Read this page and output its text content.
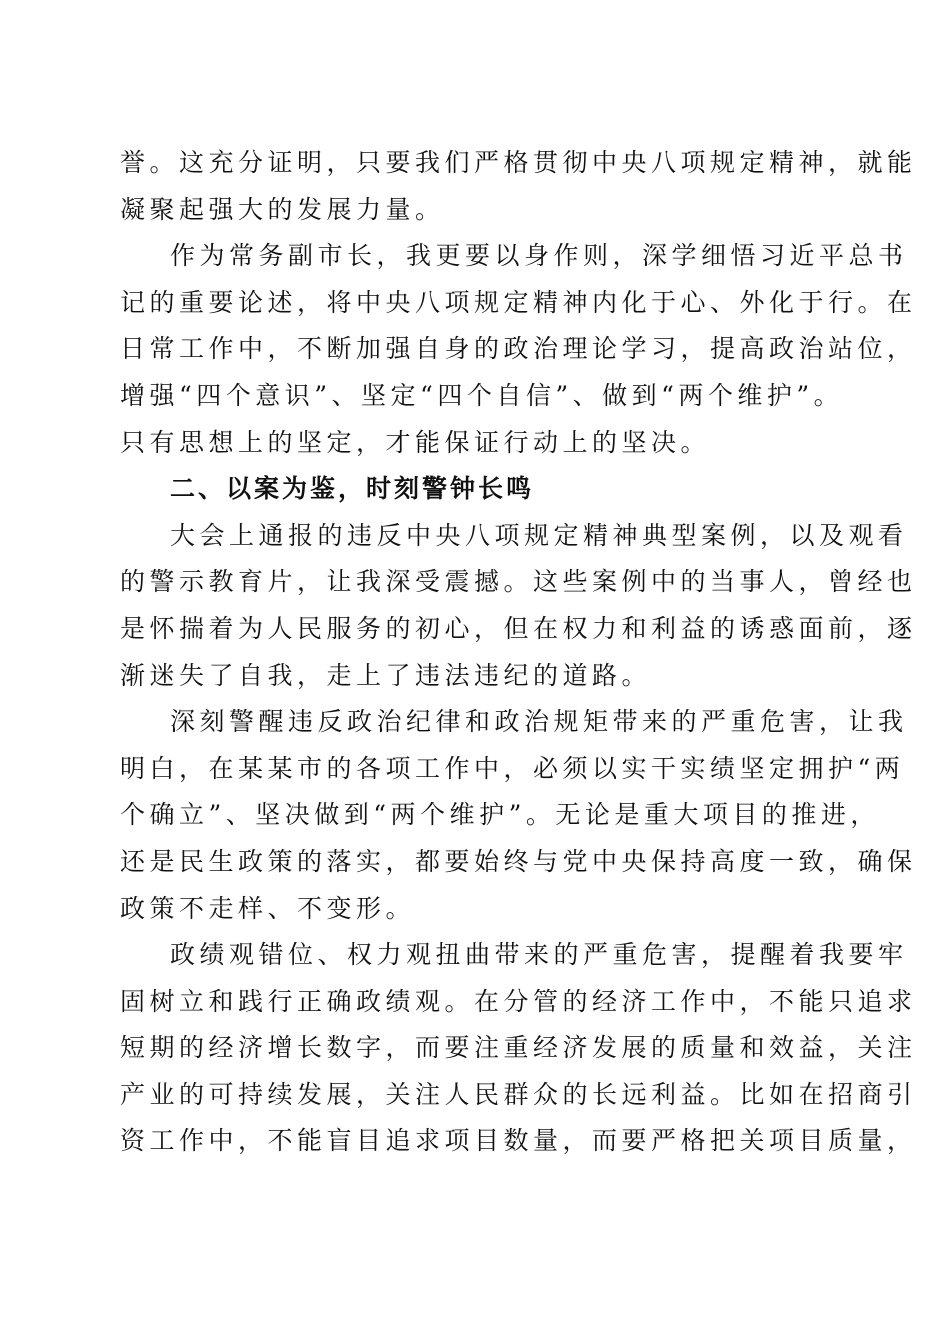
誉。这充分证明，只要我们严格贯彻中央八项规定精神，就能
凝聚起强大的发展力量。
作为常务副市长，我更要以身作则，深学细悟习近平总书
记的重要论述，将中央八项规定精神内化于心、外化于行。在
日常工作中，不断加强自身的政治理论学习，提高政治站位，
增强“四个意识”、坚定“四个自信”、做到“两个维护”。
只有思想上的坚定，才能保证行动上的坚决。
二、以案为鉴，时刻警钟长鸣
大会上通报的违反中央八项规定精神典型案例，以及观看
的警示教育片，让我深受震撼。这些案例中的当事人，曾经也
是怀揣着为人民服务的初心，但在权力和利益的诱惑面前，逐
渐迷失了自我，走上了违法违纪的道路。
深刻警醒违反政治纪律和政治规矩带来的严重危害，让我
明白，在某某市的各项工作中，必须以实干实绩坚定拥护“两
个确立”、坚决做到“两个维护”。无论是重大项目的推进，
还是民生政策的落实，都要始终与党中央保持高度一致，确保
政策不走样、不变形。
政绩观错位、权力观扭曲带来的严重危害，提醒着我要牢
固树立和践行正确政绩观。在分管的经济工作中，不能只追求
短期的经济增长数字，而要注重经济发展的质量和效益，关注
产业的可持续发展，关注人民群众的长远利益。比如在招商引
资工作中，不能盲目追求项目数量，而要严格把关项目质量，
